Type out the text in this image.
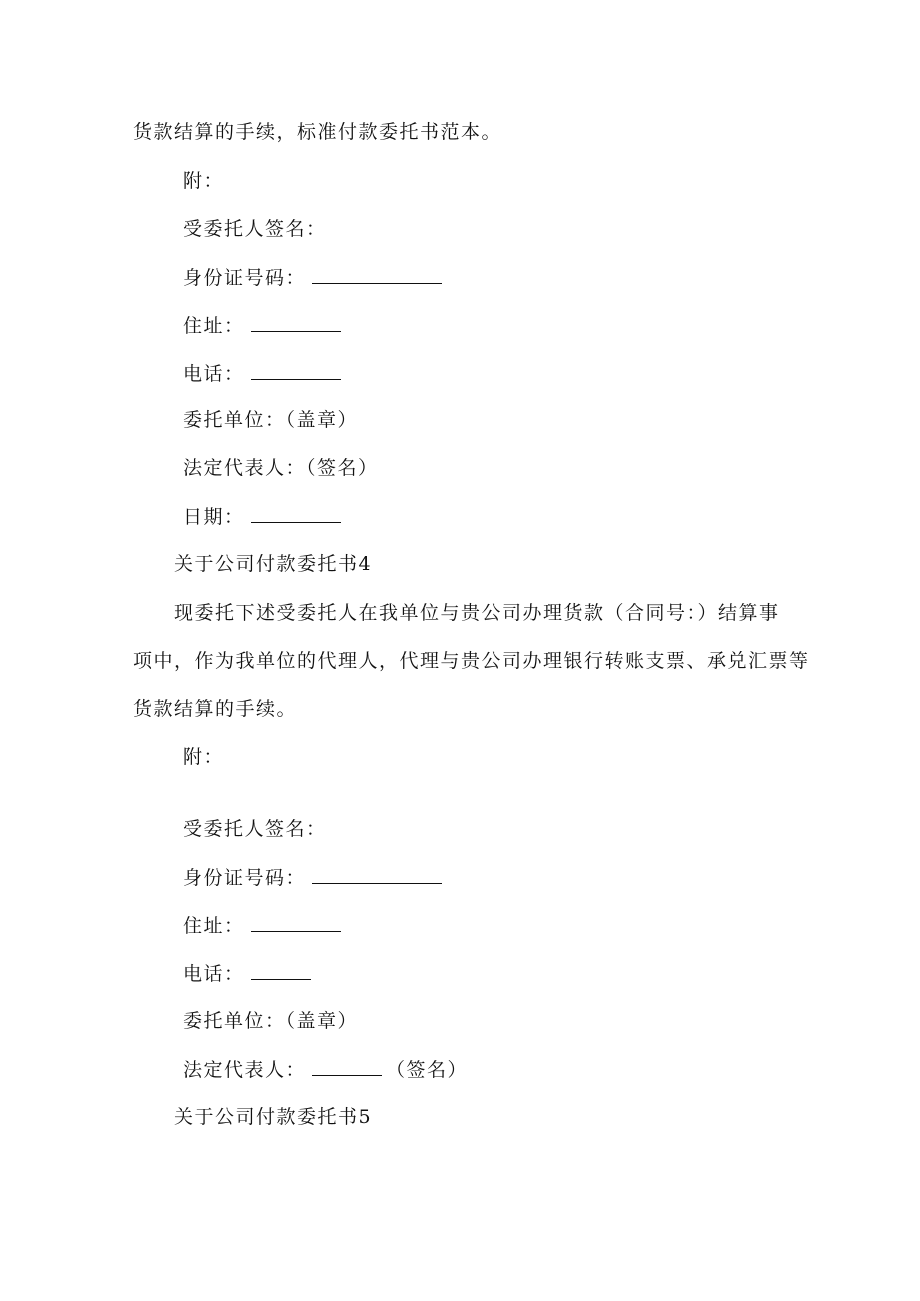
货款结算的手续，标准付款委托书范本。
附：
受委托人签名：
身份证号码：
住址：
电话：
委托单位：（盖章）
法定代表人：（签名）
日期：
关于公司付款委托书4
现委托下述受委托人在我单位与贵公司办理货款（合同号：）结算事
项中，作为我单位的代理人，代理与贵公司办理银行转账支票、承兑汇票等
货款结算的手续。
附：
受委托人签名：
身份证号码：
住址：
电话：
委托单位：（盖章）
法定代表人：	（签名）
关于公司付款委托书5
